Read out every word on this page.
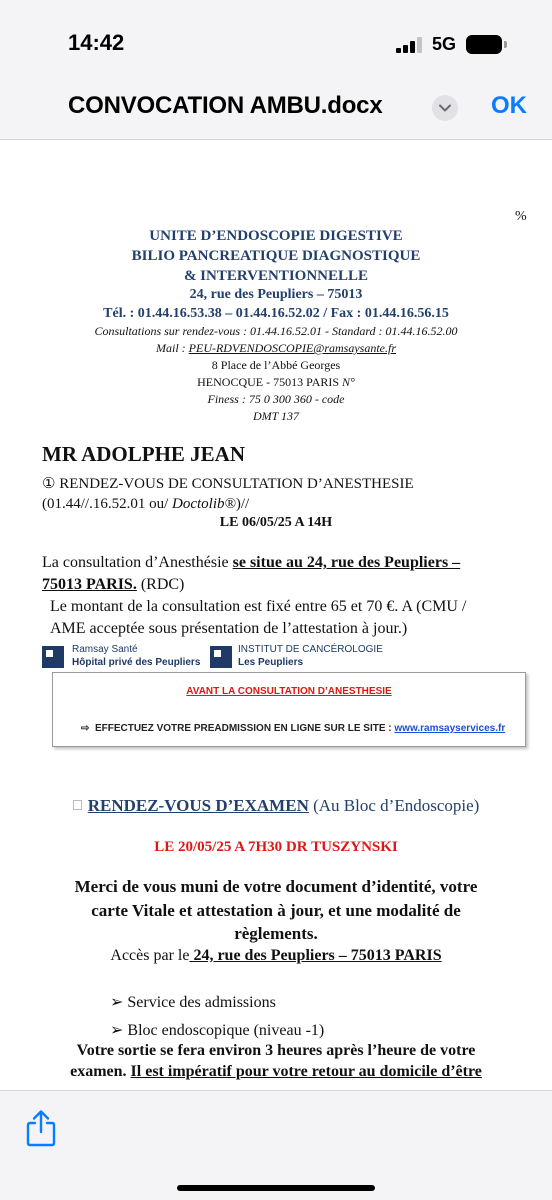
14:42	5G
CONVOCATION AMBU.docx	OK
%
UNITE D’ENDOSCOPIE DIGESTIVE
BILIO PANCREATIQUE DIAGNOSTIQUE
& INTERVENTIONNELLE
24, rue des Peupliers – 75013
Tél. : 01.44.16.53.38 – 01.44.16.52.02 / Fax : 01.44.16.56.15
Consultations sur rendez-vous : 01.44.16.52.01 - Standard : 01.44.16.52.00
Mail : PEU-RDVENDOSCOPIE@ramsaysante.fr
8 Place de l’Abbé Georges
HENOCQUE - 75013 PARIS N°
Finess : 75 0 300 360 - code
DMT 137
MR ADOLPHE JEAN
① RENDEZ-VOUS DE CONSULTATION D’ANESTHESIE
(01.44//.16.52.01 ou/ Doctolib®)//
LE 06/05/25 A 14H
La consultation d’Anesthésie se situe au 24, rue des Peupliers –
75013 PARIS. (RDC)
Le montant de la consultation est fixé entre 65 et 70 €. A (CMU /
AME acceptée sous présentation de l’attestation à jour.)
Ramsay Santé
Hôpital privé des Peupliers
INSTITUT DE CANCÉROLOGIE
Les Peupliers
AVANT LA CONSULTATION D’ANESTHESIE
⇨  EFFECTUEZ VOTRE PREADMISSION EN LIGNE SUR LE SITE : www.ramsayservices.fr
RENDEZ-VOUS D’EXAMEN (Au Bloc d’Endoscopie)
LE 20/05/25 A 7H30 DR TUSZYNSKI
Merci de vous muni de votre document d’identité, votre
carte Vitale et attestation à jour, et une modalité de
règlements.
Accès par le 24, rue des Peupliers – 75013 PARIS
➢ Service des admissions
➢ Bloc endoscopique (niveau -1)
Votre sortie se fera environ 3 heures après l’heure de votre
examen. Il est impératif pour votre retour au domicile d’être
